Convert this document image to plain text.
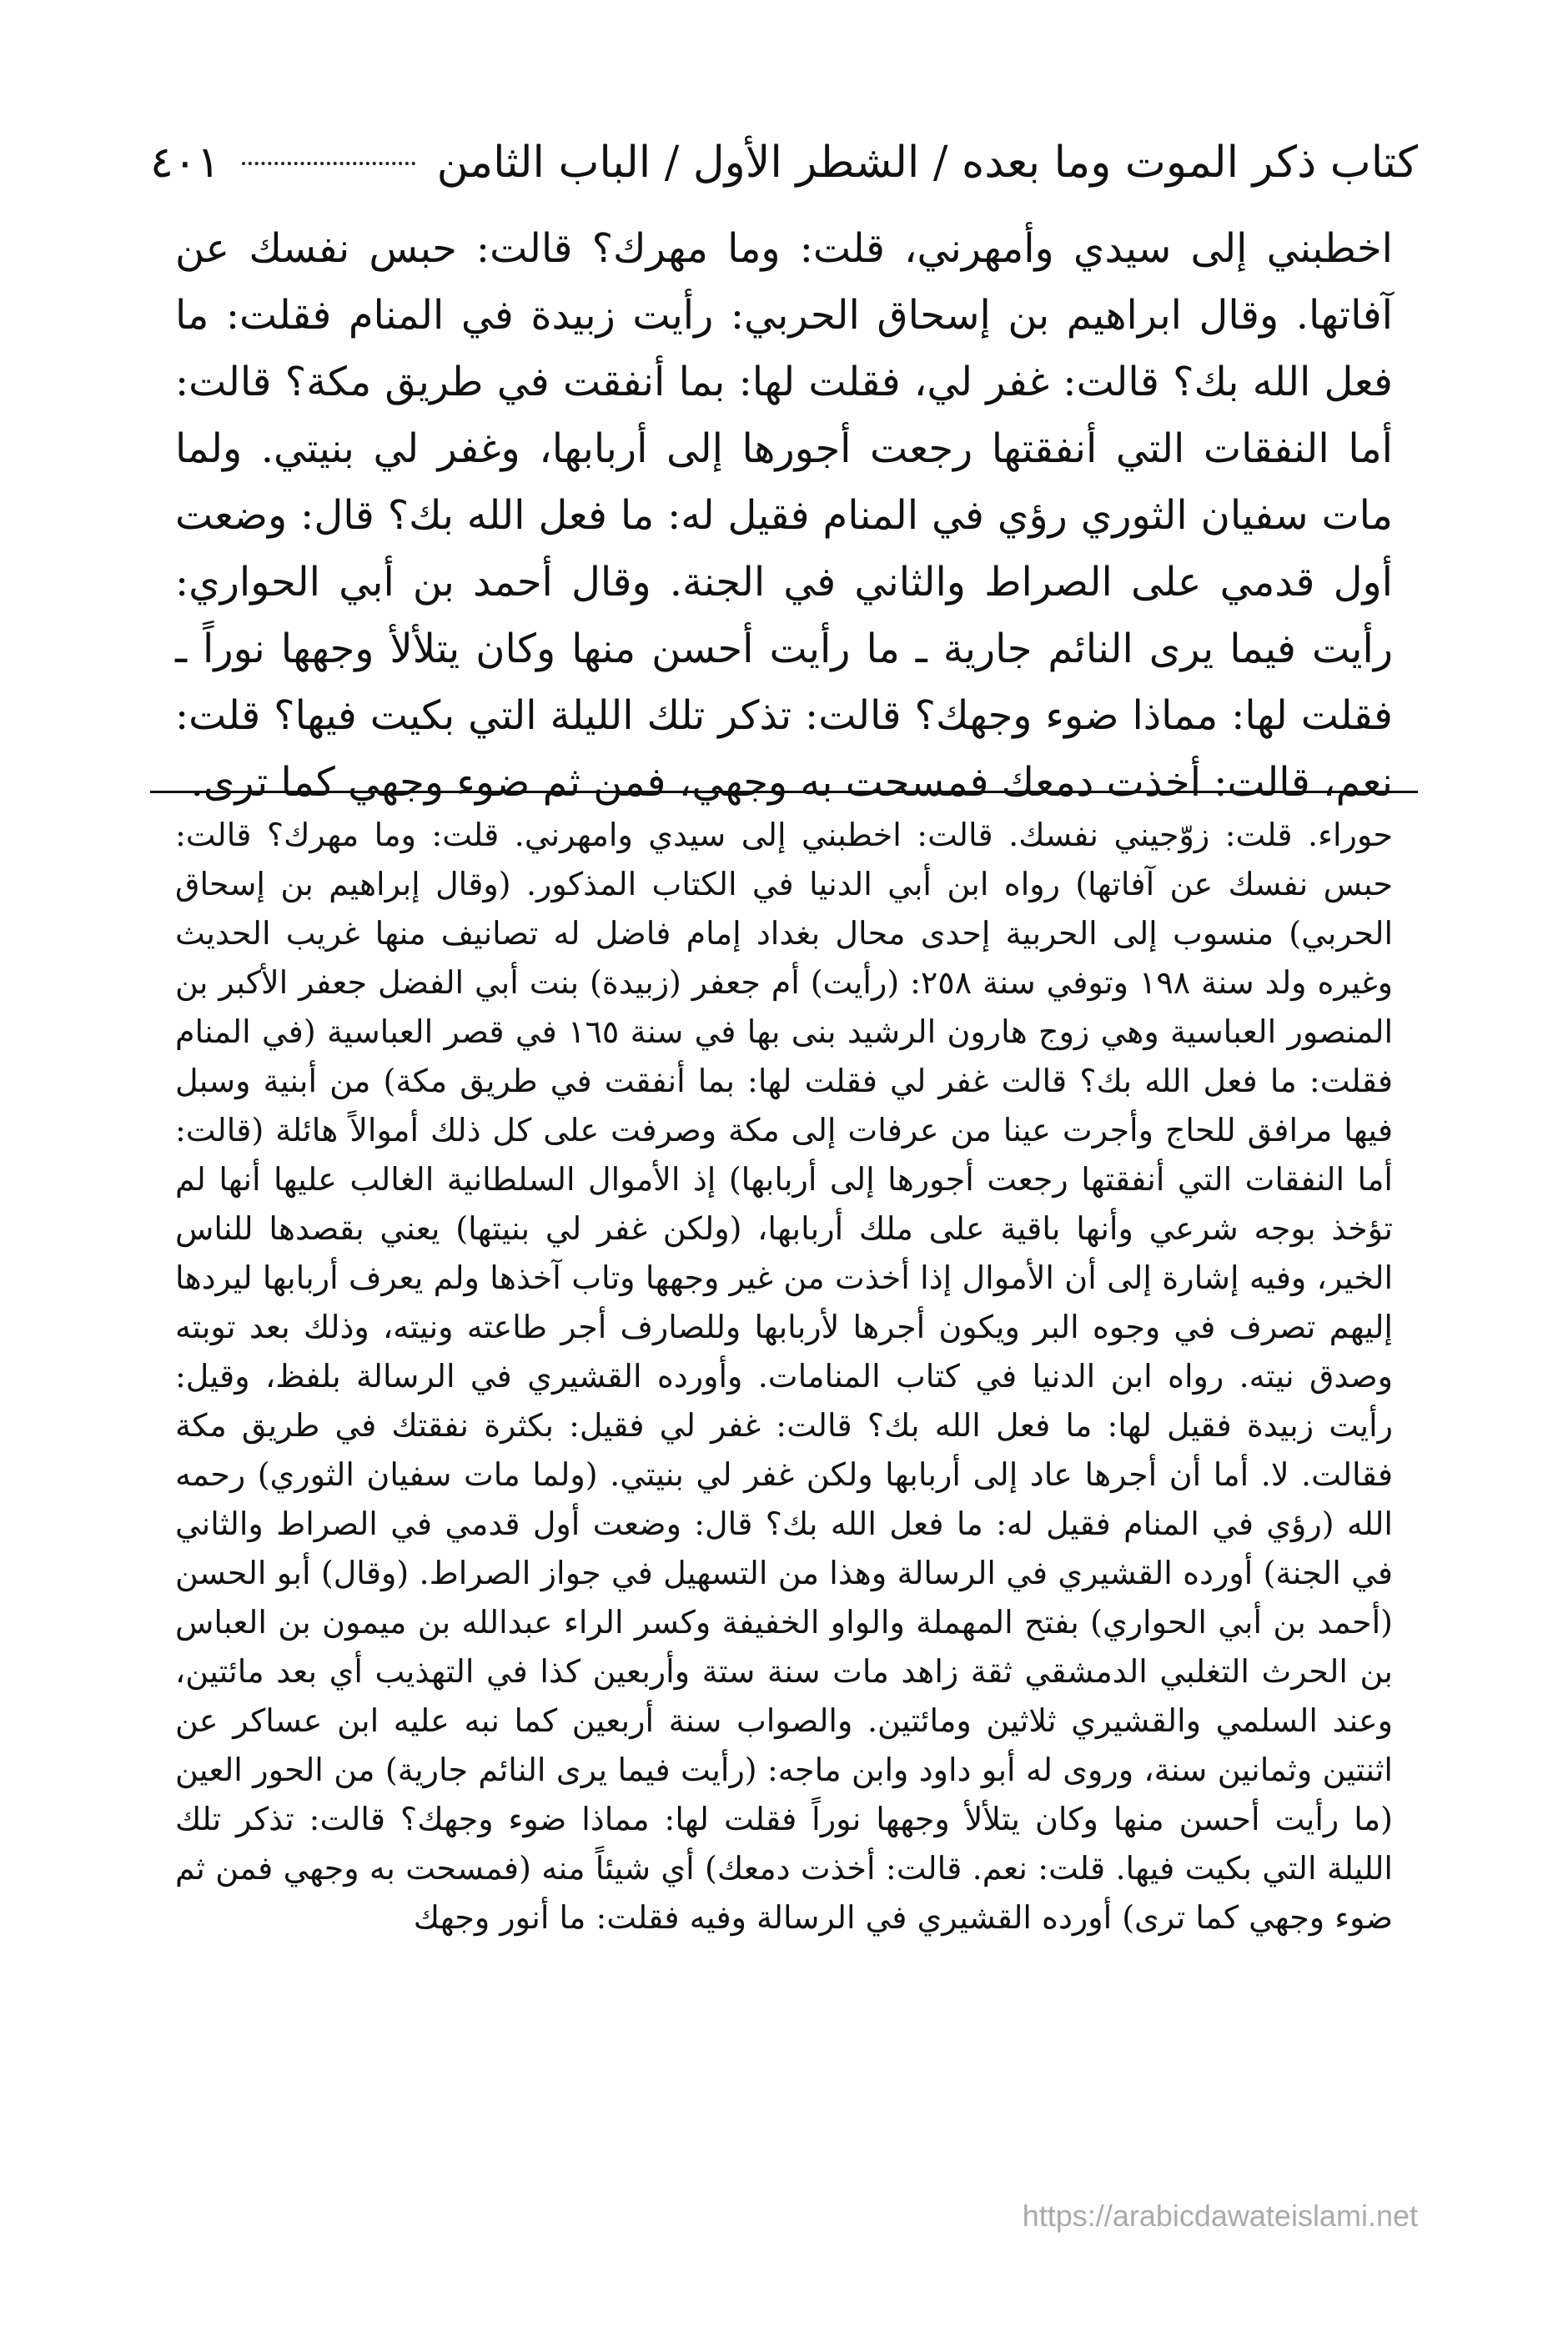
كتاب ذكر الموت وما بعده / الشطر الأول / الباب الثامن
٤٠١

اخطبني إلى سيدي وأمهرني، قلت: وما مهرك؟ قالت: حبس نفسك عن آفاتها. وقال ابراهيم بن إسحاق الحربي: رأيت زبيدة في المنام فقلت: ما فعل الله بك؟ قالت: غفر لي، فقلت لها: بما أنفقت في طريق مكة؟ قالت: أما النفقات التي أنفقتها رجعت أجورها إلى أربابها، وغفر لي بنيتي. ولما مات سفيان الثوري رؤي في المنام فقيل له: ما فعل الله بك؟ قال: وضعت أول قدمي على الصراط والثاني في الجنة. وقال أحمد بن أبي الحواري: رأيت فيما يرى النائم جارية ـ ما رأيت أحسن منها وكان يتلألأ وجهها نوراً ـ فقلت لها: مماذا ضوء وجهك؟ قالت: تذكر تلك الليلة التي بكيت فيها؟ قلت: نعم، قالت: أخذت دمعك فمسحت به وجهي، فمن ثم ضوء وجهي كما ترى.

حوراء. قلت: زوّجيني نفسك. قالت: اخطبني إلى سيدي وامهرني. قلت: وما مهرك؟ قالت: حبس نفسك عن آفاتها) رواه ابن أبي الدنيا في الكتاب المذكور. (وقال إبراهيم بن إسحاق الحربي) منسوب إلى الحربية إحدى محال بغداد إمام فاضل له تصانيف منها غريب الحديث وغيره ولد سنة ١٩٨ وتوفي سنة ٢٥٨: (رأيت) أم جعفر (زبيدة) بنت أبي الفضل جعفر الأكبر بن المنصور العباسية وهي زوج هارون الرشيد بنى بها في سنة ١٦٥ في قصر العباسية (في المنام فقلت: ما فعل الله بك؟ قالت غفر لي فقلت لها: بما أنفقت في طريق مكة) من أبنية وسبل فيها مرافق للحاج وأجرت عينا من عرفات إلى مكة وصرفت على كل ذلك أموالاً هائلة (قالت: أما النفقات التي أنفقتها رجعت أجورها إلى أربابها) إذ الأموال السلطانية الغالب عليها أنها لم تؤخذ بوجه شرعي وأنها باقية على ملك أربابها، (ولكن غفر لي بنيتها) يعني بقصدها للناس الخير، وفيه إشارة إلى أن الأموال إذا أخذت من غير وجهها وتاب آخذها ولم يعرف أربابها ليردها إليهم تصرف في وجوه البر ويكون أجرها لأربابها وللصارف أجر طاعته ونيته، وذلك بعد توبته وصدق نيته. رواه ابن الدنيا في كتاب المنامات. وأورده القشيري في الرسالة بلفظ، وقيل: رأيت زبيدة فقيل لها: ما فعل الله بك؟ قالت: غفر لي فقيل: بكثرة نفقتك في طريق مكة فقالت. لا. أما أن أجرها عاد إلى أربابها ولكن غفر لي بنيتي. (ولما مات سفيان الثوري) رحمه الله (رؤي في المنام فقيل له: ما فعل الله بك؟ قال: وضعت أول قدمي في الصراط والثاني في الجنة) أورده القشيري في الرسالة وهذا من التسهيل في جواز الصراط. (وقال) أبو الحسن (أحمد بن أبي الحواري) بفتح المهملة والواو الخفيفة وكسر الراء عبدالله بن ميمون بن العباس بن الحرث التغلبي الدمشقي ثقة زاهد مات سنة ستة وأربعين كذا في التهذيب أي بعد مائتين، وعند السلمي والقشيري ثلاثين ومائتين. والصواب سنة أربعين كما نبه عليه ابن عساكر عن اثنتين وثمانين سنة، وروى له أبو داود وابن ماجه: (رأيت فيما يرى النائم جارية) من الحور العين (ما رأيت أحسن منها وكان يتلألأ وجهها نوراً فقلت لها: مماذا ضوء وجهك؟ قالت: تذكر تلك الليلة التي بكيت فيها. قلت: نعم. قالت: أخذت دمعك) أي شيئاً منه (فمسحت به وجهي فمن ثم ضوء وجهي كما ترى) أورده القشيري في الرسالة وفيه فقلت: ما أنور وجهك

https://arabicdawateislami.net
